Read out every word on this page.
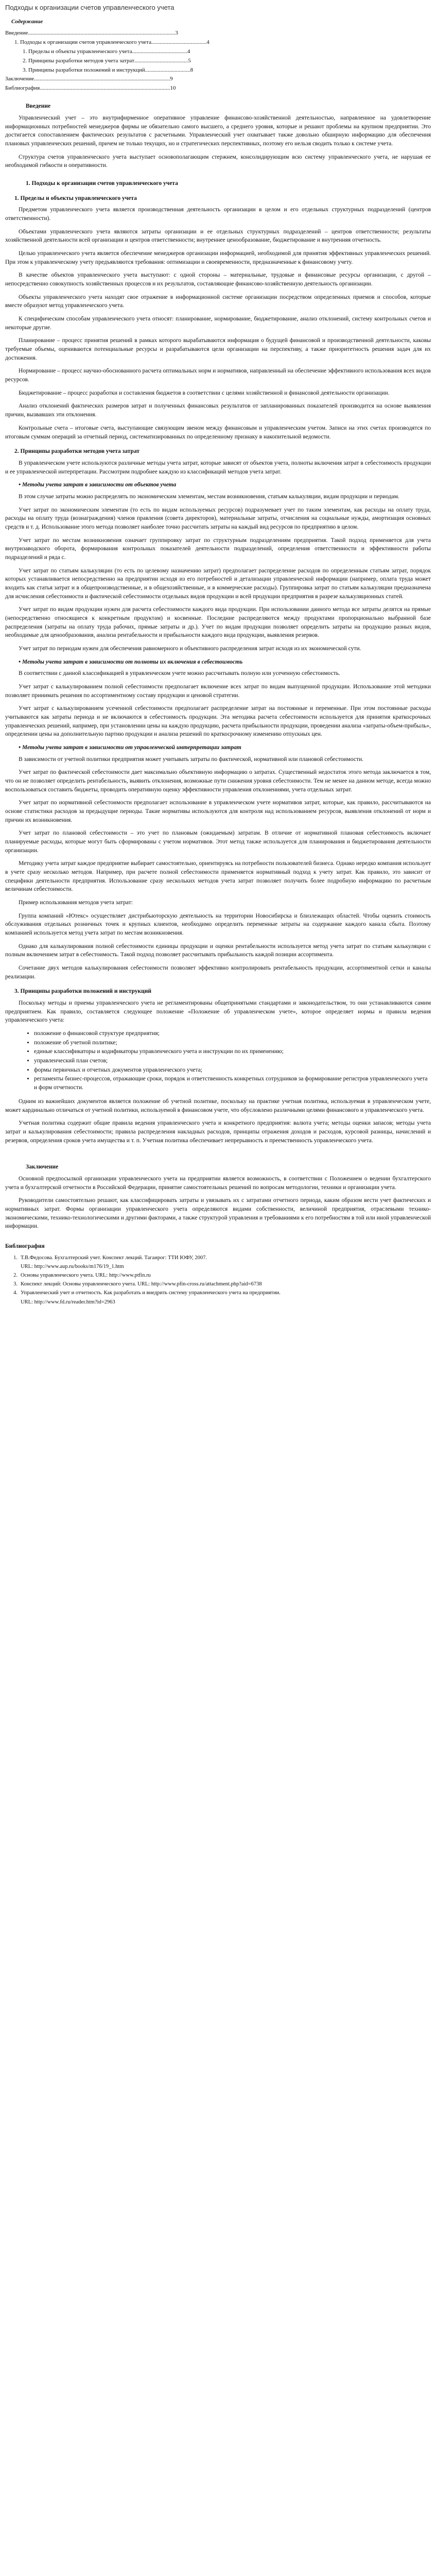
Подходы к организации счетов управленческого учета
Содержание
Введение ........................................................................................................ 3
1. Подходы к организации счетов управленческого учета ....................................... 4
1. Пределы и объекты управленческого учета ....................................... 4
2. Принципы разработки методов учета затрат ...................................... 5
3. Принципы разработки положений и инструкций ................................ 8
Заключение ................................................................................................ 9
Библиография ............................................................................................ 10
Введение

Управленческий учет – это внутрифирменное оперативное управление финансово-хозяйственной деятельностью, направленное на удовлетворение информационных потребностей менеджеров фирмы не обязательно самого высшего, а среднего уровня, которые и решают проблемы на крупном предприятии. Это достигается сопоставлением фактических результатов с расчетными. Управленческий учет охватывает также довольно обширную информацию для обеспечения плановых управленческих решений, причем не только текущих, но и стратегических перспективных, поэтому его нельзя сводить только к системе учета.

Структура счетов управленческого учета выступает основополагающим стержнем, консолидирующим всю систему управленческого учета, не нарушая ее необходимой гибкости и оперативности.

1. Подходы к организации счетов управленческого учета
1. Пределы и объекты управленческого учета

Предметом управленческого учета является производственная деятельность организации в целом и его отдельных структурных подразделений (центров ответственности).

Объектами управленческого учета являются затраты организации и ее отдельных структурных подразделений – центров ответственности; результаты хозяйственной деятельности всей организации и центров ответственности; внутреннее ценообразование, бюджетирование и внутренняя отчетность.

Целью управленческого учета является обеспечение менеджеров организации информацией, необходимой для принятия эффективных управленческих решений. При этом к управленческому учету предъявляются требования: оптимизации и своевременности, предназначенные к финансовому учету.

В качестве объектов управленческого учета выступают: с одной стороны – материальные, трудовые и финансовые ресурсы организации, с другой – непосредственно совокупность хозяйственных процессов и их результатов, составляющие финансово-хозяйственную деятельность организации.

Объекты управленческого учета находят свое отражение в информационной системе организации посредством определенных приемов и способов, которые вместе образуют метод управленческого учета.

К специфическим способам управленческого учета относят: планирование, нормирование, бюджетирование, анализ отклонений, систему контрольных счетов и некоторые другие.

Планирование – процесс принятия решений в рамках которого вырабатываются информация о будущей финансовой и производственной деятельности, каковы требуемые объемы, оцениваются потенциальные ресурсы и разрабатываются цели организации на перспективу, а также приоритетность решения задач для их достижения.

Нормирование – процесс научно-обоснованного расчета оптимальных норм и нормативов, направленный на обеспечение эффективного использования всех видов ресурсов.

Бюджетирование – процесс разработки и составления бюджетов в соответствии с целями хозяйственной и финансовой деятельности организации.

Анализ отклонений фактических размеров затрат и полученных финансовых результатов от запланированных показателей производится на основе выявления причин, вызвавших эти отклонения.

Контрольные счета – итоговые счета, выступающие связующим звеном между финансовым и управленческим учетом. Записи на этих счетах производятся по итоговым суммам операций за отчетный период, систематизированных по определенному признаку в накопительной ведомости.

2. Принципы разработки методов учета затрат

В управленческом учете используются различные методы учета затрат, которые зависят от объектов учета, полноты включения затрат в себестоимость продукции и ее управленческой интерпретации. Рассмотрим подробнее каждую из классификаций методов учета затрат.

• Методы учета затрат в зависимости от объектов учета

В этом случае затраты можно распределять по экономическим элементам, местам возникновения, статьям калькуляции, видам продукции и периодам.

Учет затрат по экономическим элементам (то есть по видам используемых ресурсов) подразумевает учет по таким элементам, как расходы на оплату труда, расходы на оплату труда (вознаграждения) членов правления (совета директоров), материальные затраты, отчисления на социальные нужды, амортизация основных средств и т. д. Использование этого метода позволяет наиболее точно рассчитать затраты на каждый вид ресурсов по предприятию в целом.

Учет затрат по местам возникновения означает группировку затрат по структурным подразделениям предприятия. Такой подход применяется для учета внутризаводского оборота, формирования контрольных показателей деятельности подразделений, определения ответственности и эффективности работы подразделений и ряда с.

Учет затрат по статьям калькуляции (то есть по целевому назначению затрат) предполагает распределение расходов по определенным статьям затрат, порядок которых устанавливается непосредственно на предприятии исходя из его потребностей и детализации управленческой информации (например, оплата труда может входить как статья затрат и в общепроизводственные, и в общехозяйственные, и в коммерческие расходы). Группировка затрат по статьям калькуляции предназначена для исчисления себестоимости и фактической себестоимости отдельных видов продукции и всей продукции предприятия в разрезе калькуляционных статей.

Учет затрат по видам продукции нужен для расчета себестоимости каждого вида продукции. При использовании данного метода все затраты делятся на прямые (непосредственно относящиеся к конкретным продуктам) и косвенные. Последние распределяются между продуктами пропорционально выбранной базе распределения (затраты на оплату труда рабочих, прямые затраты и др.). Учет по видам продукции позволяет определить затраты на продукцию разных видов, необходимые для ценообразования, анализа рентабельности и прибыльности каждого вида продукции, выявления резервов.

Учет затрат по периодам нужен для обеспечения равномерного и объективного распределения затрат исходя из их экономической сути.

• Методы учета затрат в зависимости от полноты их включения в себестоимость

В соответствии с данной классификацией в управленческом учете можно рассчитывать полную или усеченную себестоимость.

Учет затрат с калькулированием полной себестоимости предполагает включение всех затрат по видам выпущенной продукции. Использование этой методики позволяет принимать решения по ассортиментному составу продукции и ценовой стратегии.

Учет затрат с калькулированием усеченной себестоимости предполагает распределение затрат на постоянные и переменные. При этом постоянные расходы учитываются как затраты периода и не включаются в себестоимость продукции. Эта методика расчета себестоимости используется для принятия краткосрочных управленческих решений, например, при установлении цены на каждую продукцию, расчета прибыльности продукции, проведении анализа «затраты-объем-прибыль», определении цены на дополнительную партию продукции и анализа решений по краткосрочному изменению отпускных цен.

• Методы учета затрат в зависимости от управленческой интерпретации затрат

В зависимости от учетной политики предприятия может учитывать затраты по фактической, нормативной или плановой себестоимости.

Учет затрат по фактической себестоимости дает максимально объективную информацию о затратах. Существенный недостаток этого метода заключается в том, что он не позволяет определить рентабельность, выявить отклонения, возможные пути снижения уровня себестоимости. Тем не менее на данном методе, всегда можно воспользоваться составить бюджеты, проводить оперативную оценку эффективности управления отклонениями, учета отдельных затрат.

Учет затрат по нормативной себестоимости предполагает использование в управленческом учете нормативов затрат, которые, как правило, рассчитываются на основе статистики расходов за предыдущие периоды. Такие нормативы используются для контроля над использованием ресурсов, выявления отклонений от норм и причин их возникновения.

Учет затрат по плановой себестоимости – это учет по плановым (ожидаемым) затратам. В отличие от нормативной плановая себестоимость включает планируемые расходы, которые могут быть сформированы с учетом нормативов. Этот метод также используется для планирования и бюджетирования деятельности организации.

Методику учета затрат каждое предприятие выбирает самостоятельно, ориентируясь на потребности пользователей бизнеса. Однако нередко компания использует в учете сразу несколько методов. Например, при расчете полной себестоимости применяется нормативный подход к учету затрат. Как правило, это зависит от специфики деятельности предприятия. Использование сразу нескольких методов учета затрат позволяет получить более подробную информацию по расчетным величинам себестоимости.

Пример использования методов учета затрат:

Группа компаний «Ютекс» осуществляет дистрибьюторскую деятельность на территории Новосибирска и близлежащих областей. Чтобы оценить стоимость обслуживания отдельных розничных точек и крупных клиентов, необходимо определить переменные затраты на содержание каждого канала сбыта. Поэтому компанией используется метод учета затрат по местам возникновения.

Однако для калькулирования полной себестоимости единицы продукции и оценки рентабельности используется метод учета затрат по статьям калькуляции с полным включением затрат в себестоимость. Такой подход позволяет рассчитывать прибыльность каждой позиции ассортимента.

Сочетание двух методов калькулирования себестоимости позволяет эффективно контролировать рентабельность продукции, ассортиментной сетки и каналы реализации.

3. Принципы разработки положений и инструкций

Поскольку методы и приемы управленческого учета не регламентированы общепринятыми стандартами и законодательством, то они устанавливаются самим предприятием. Как правило, составляется следующее положение «Положение об управленческом учете», которое определяет нормы и правила ведения управленческого учета:

• положение о финансовой структуре предприятия;
• положение об учетной политике;
• единые классификаторы и кодификаторы управленческого учета и инструкции по их применению;
• управленческий план счетов;
• формы первичных и отчетных документов управленческого учета;
• регламенты бизнес-процессов, отражающие сроки, порядок и ответственность конкретных сотрудников за формирование регистров управленческого учета и форм отчетности.

Одним из важнейших документов является положение об учетной политике, поскольку на практике учетная политика, используемая в управленческом учете, может кардинально отличаться от учетной политики, используемой в финансовом учете, что обусловлено различными целями финансового и управленческого учета.

Учетная политика содержит общие правила ведения управленческого учета и конкретного предприятия: валюта учета; методы оценки запасов; методы учета затрат и калькулирования себестоимости; правила распределения накладных расходов, принципы отражения доходов и расходов, курсовой разницы, начислений и резервов, определения сроков учета имущества и т. п. Учетная политика обеспечивает непрерывность и преемственность управленческого учета.

Заключение

Основной предпосылкой организации управленческого учета на предприятии является возможность, в соответствии с Положением о ведении бухгалтерского учета и бухгалтерской отчетности в Российской Федерации, принятие самостоятельных решений по вопросам методологии, техники и организации учета.

Руководители самостоятельно решают, как классифицировать затраты и увязывать их с затратами отчетного периода, каким образом вести учет фактических и нормативных затрат. Формы организации управленческого учета определяются видами собственности, величиной предприятия, отраслевыми технико-экономическими, технико-технологическими и другими факторами, а также структурой управления и требованиями к его потребностям в той или иной управленческой информации.

Библиография
1. Т.В.Федосова. Бухгалтерский учет. Конспект лекций. Таганрог: ТТИ ЮФУ, 2007.
URL: http://www.aup.ru/books/m176/19_1.htm
2. Основы управленческого учета. URL: http://www.ptfin.ru
3. Конспект лекций: Основы управленческого учета. URL: http://www.pfin-cross.ru/attachment.php?aid=6738
4. Управленческий учет и отчетность. Как разработать и внедрить систему управленческого учета на предприятии.
URL: http://www.fd.ru/reader.htm?id=2963
